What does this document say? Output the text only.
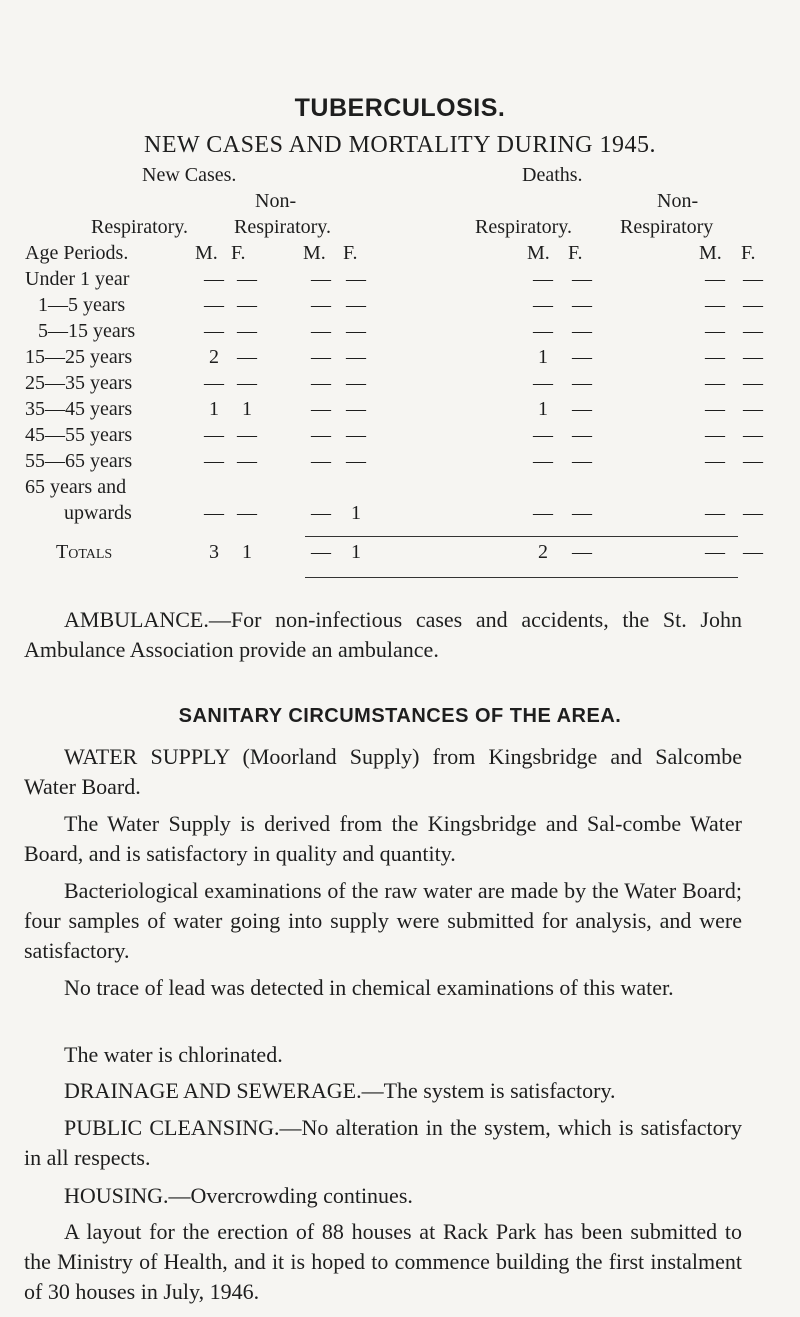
TUBERCULOSIS.
NEW CASES AND MORTALITY DURING 1945.
New Cases.	Deaths.
Non-	Non-
Respiratory. Respiratory.	Respiratory. Respiratory
Age Periods.	M. F.	M. F.	M. F.	M. F.
Under 1 year	— —	— —	— —	— —
1—5 years	— —	— —	— —	— —
5—15 years	— —	— —	— —	— —
15—25 years	2 —	— —	1	—	— —
25—35 years	— —	— —	— —	— —
35—45 years	1	1	— —	1	—	— —
45—55 years	— —	— —	— —	— —
55—65 years	— —	— —	— —	— —
65 years and
upwards	— —	—	1	— —	— —
Totals	3	1	—	1	2	—	— —

AMBULANCE.—For non-infectious cases and accidents, the St. John Ambulance Association provide an ambulance.

SANITARY CIRCUMSTANCES OF THE AREA.

WATER SUPPLY (Moorland Supply) from Kingsbridge and Salcombe Water Board.

The Water Supply is derived from the Kingsbridge and Sal-combe Water Board, and is satisfactory in quality and quantity.

Bacteriological examinations of the raw water are made by the Water Board; four samples of water going into supply were submitted for analysis, and were satisfactory.

No trace of lead was detected in chemical examinations of this water.

The water is chlorinated.

DRAINAGE AND SEWERAGE.—The system is satisfactory.

PUBLIC CLEANSING.—No alteration in the system, which is satisfactory in all respects.

HOUSING.—Overcrowding continues.

A layout for the erection of 88 houses at Rack Park has been submitted to the Ministry of Health, and it is hoped to commence building the first instalment of 30 houses in July, 1946.
